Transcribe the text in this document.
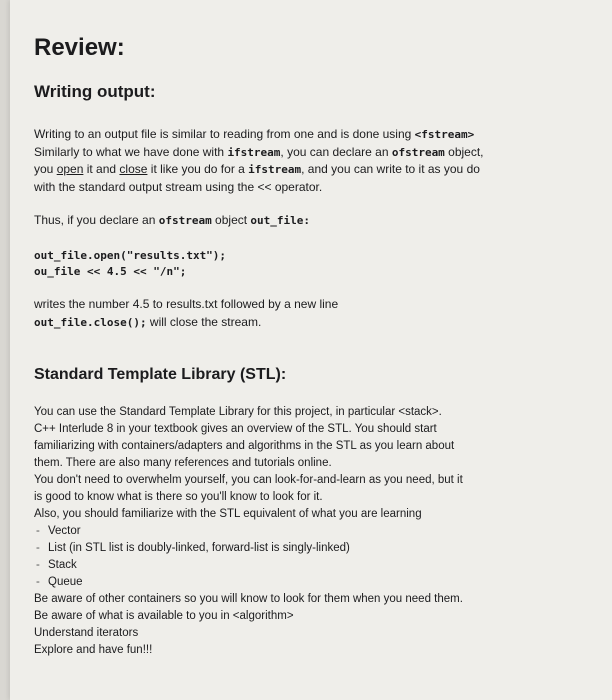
Review:
Writing output:

Writing to an output file is similar to reading from one and is done using <fstream>

Similarly to what we have done with ifstream, you can declare an ofstream object,

you open it and close it like you do for a ifstream, and you can write to it as you do

with the standard output stream using the << operator.

Thus, if you declare an ofstream object out_file:

out_file.open("results.txt");

ou_file << 4.5 << "/n";

writes the number 4.5 to results.txt followed by a new line

out_file.close(); will close the stream.

Standard Template Library (STL):

You can use the Standard Template Library for this project, in particular <stack>.

C++ Interlude 8 in your textbook gives an overview of the STL. You should start

familiarizing with containers/adapters and algorithms in the STL as you learn about

them. There are also many references and tutorials online.

You don't need to overwhelm yourself, you can look-for-and-learn as you need, but it

is good to know what is there so you'll know to look for it.

Also, you should familiarize with the STL equivalent of what you are learning

- Vector
- List (in STL list is doubly-linked, forward-list is singly-linked)
- Stack
- Queue

Be aware of other containers so you will know to look for them when you need them.

Be aware of what is available to you in <algorithm>

Understand iterators

Explore and have fun!!!
